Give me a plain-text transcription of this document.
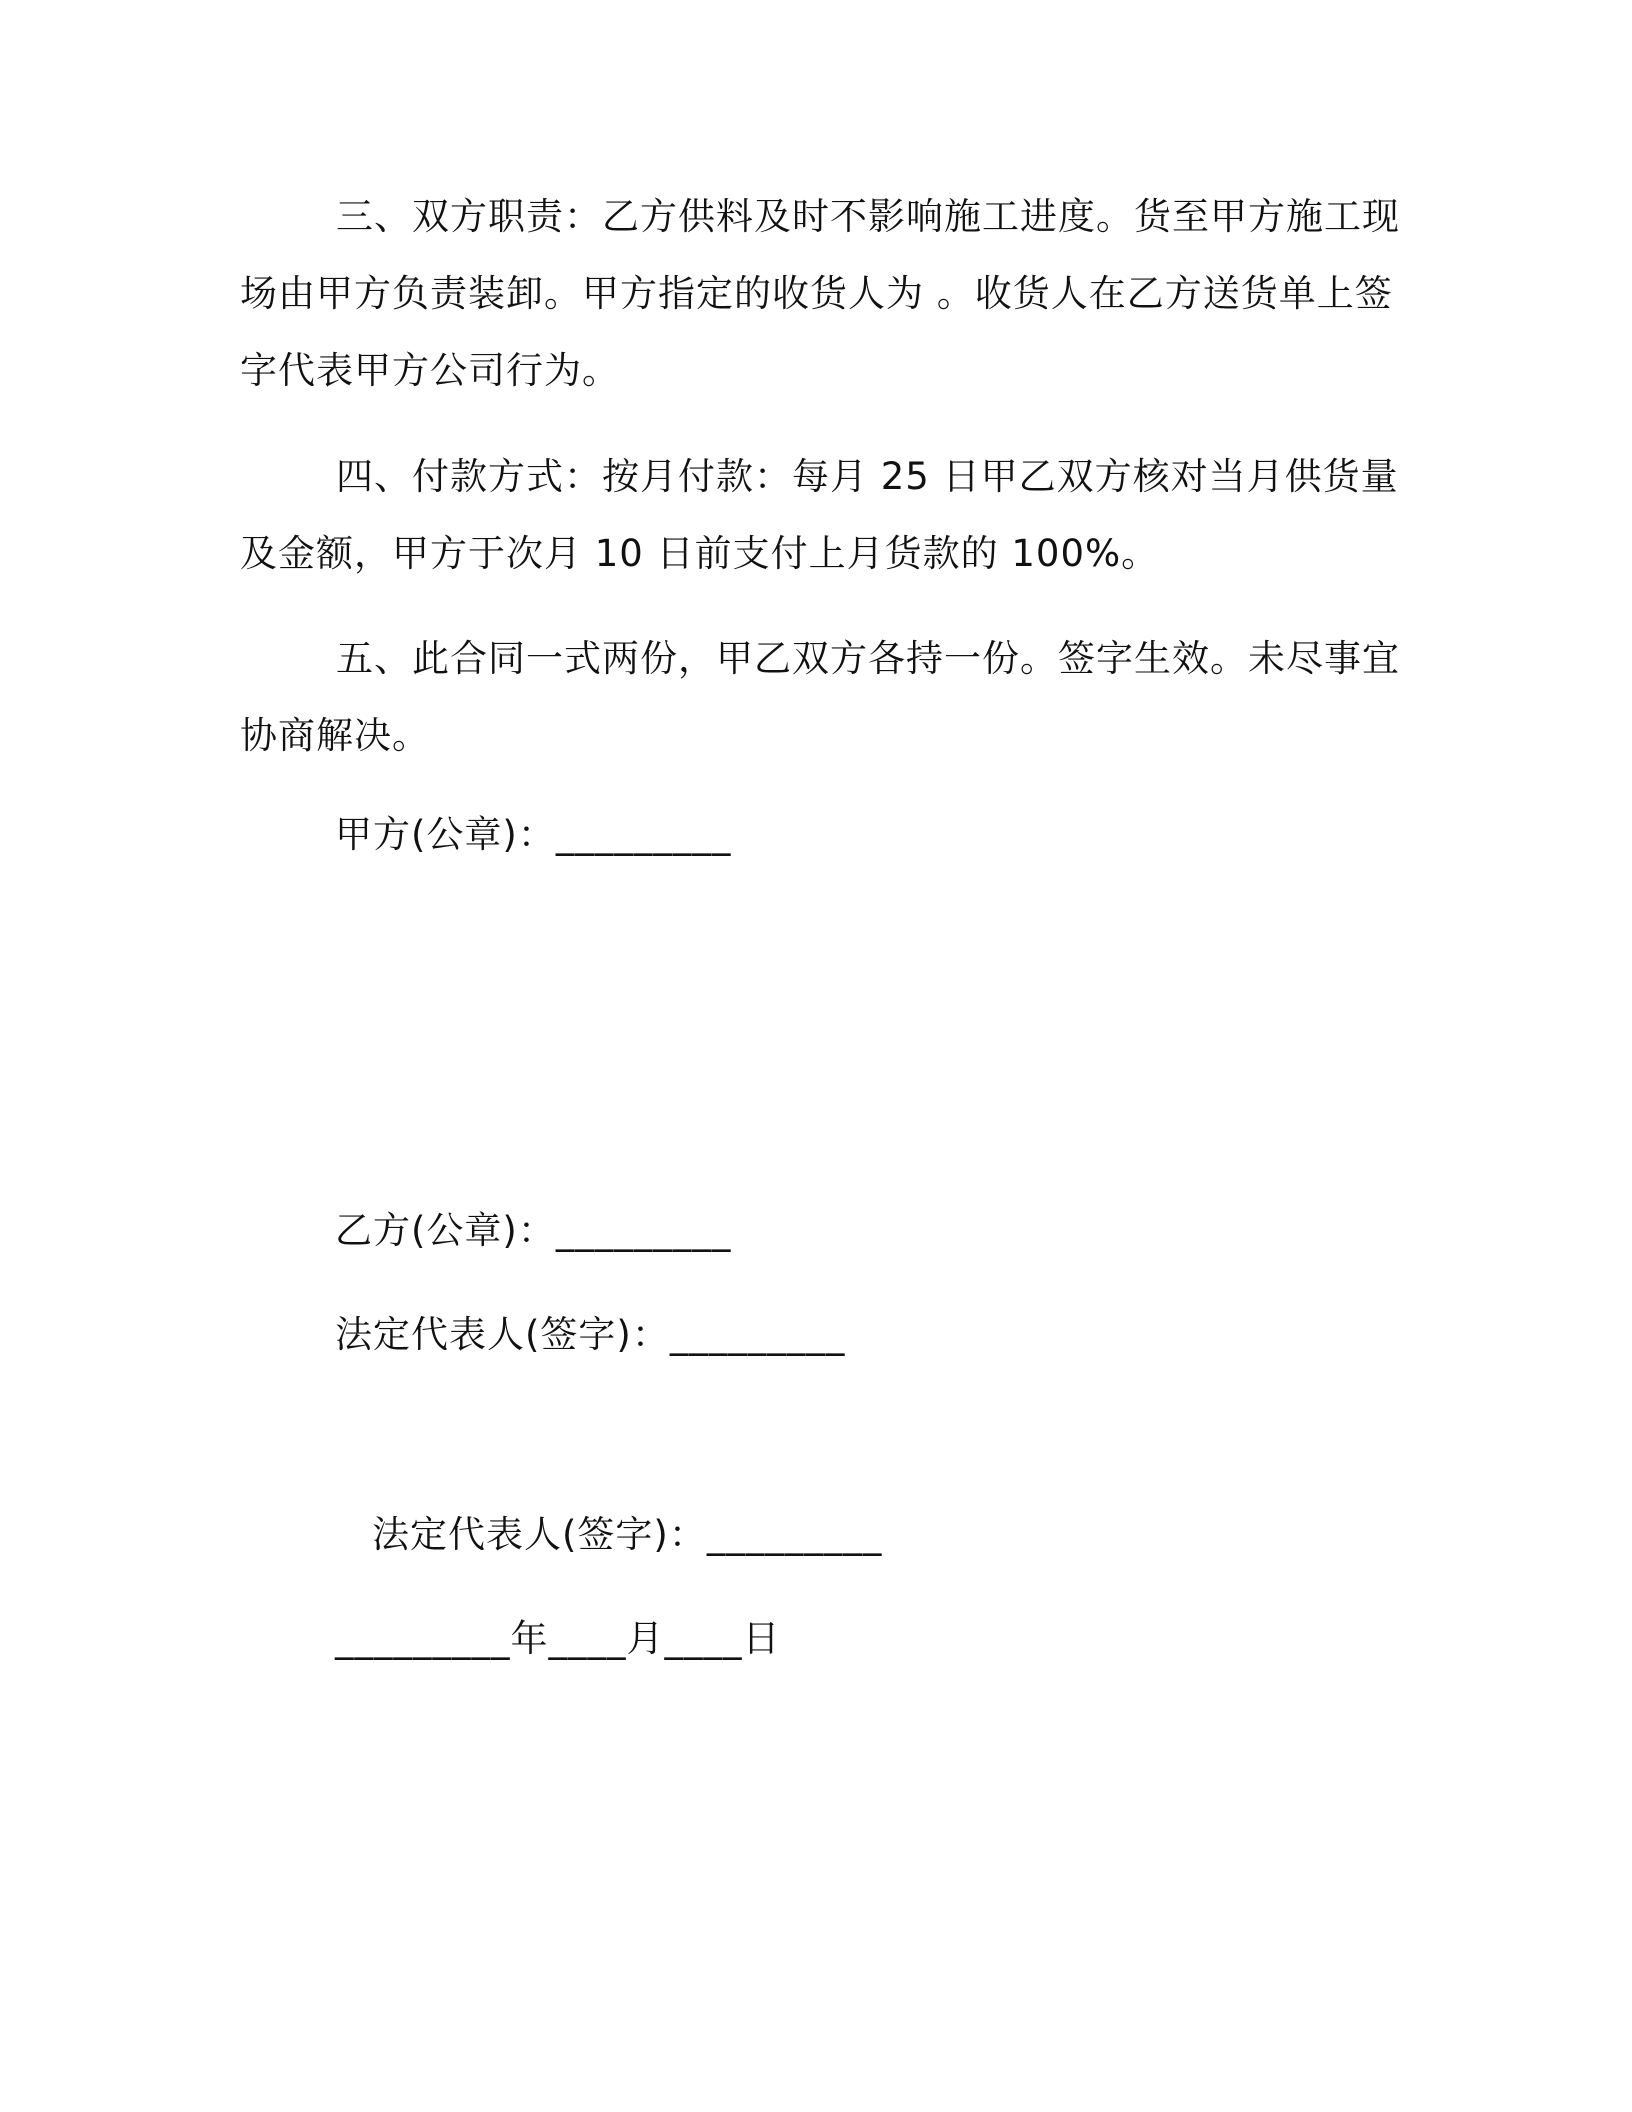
三、双方职责：乙方供料及时不影响施工进度。货至甲方施工现场由甲方负责装卸。甲方指定的收货人为 。收货人在乙方送货单上签字代表甲方公司行为。

四、付款方式：按月付款：每月 25 日甲乙双方核对当月供货量及金额，甲方于次月 10 日前支付上月货款的 100%。

五、此合同一式两份，甲乙双方各持一份。签字生效。未尽事宜协商解决。

甲方(公章)：_________
乙方(公章)：_________
法定代表人(签字)：_________
法定代表人(签字)：_________
_________年____月____日
